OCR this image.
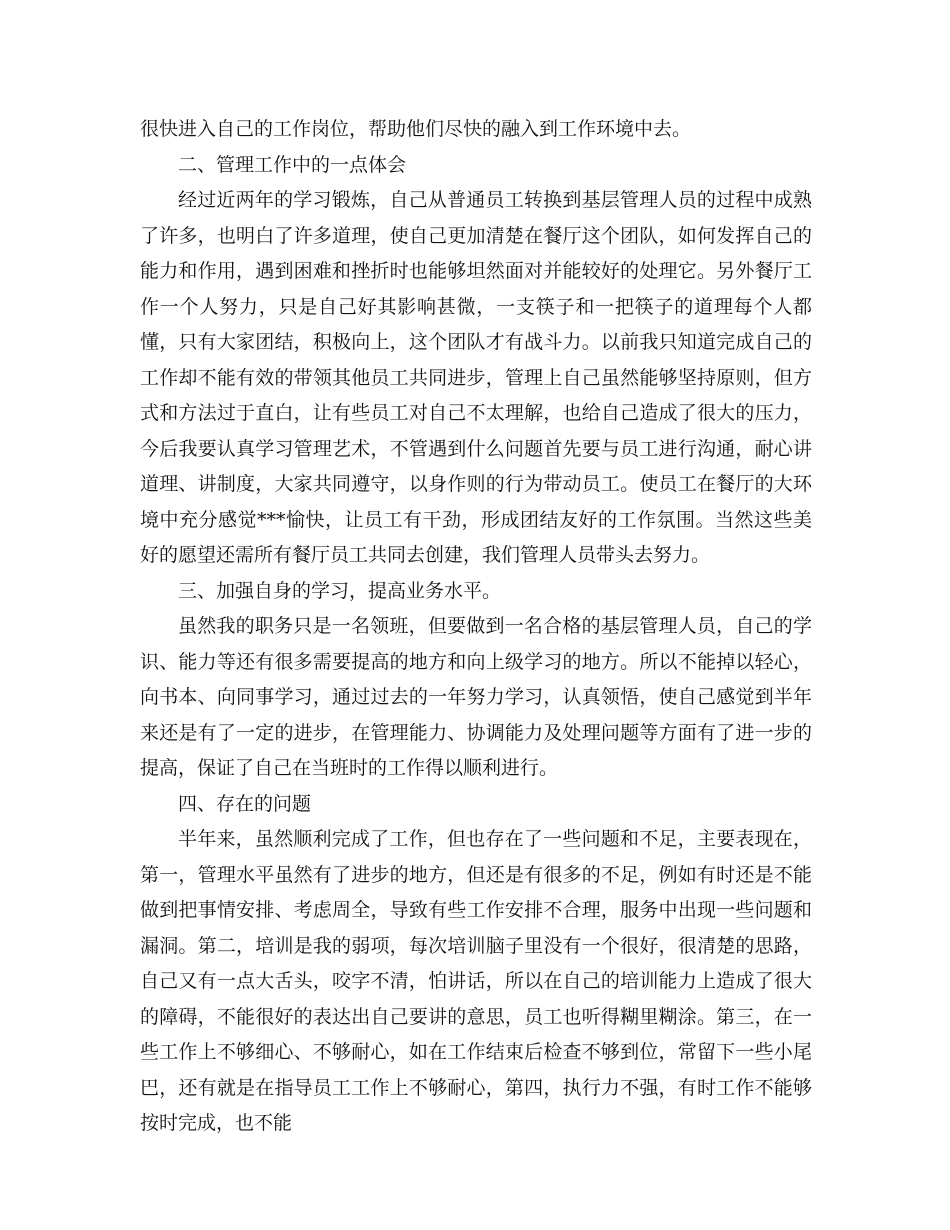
很快进入自己的工作岗位，帮助他们尽快的融入到工作环境中去。

二、管理工作中的一点体会

经过近两年的学习锻炼，自己从普通员工转换到基层管理人员的过程中成熟了许多，也明白了许多道理，使自己更加清楚在餐厅这个团队，如何发挥自己的能力和作用，遇到困难和挫折时也能够坦然面对并能较好的处理它。另外餐厅工作一个人努力，只是自己好其影响甚微，一支筷子和一把筷子的道理每个人都懂，只有大家团结，积极向上，这个团队才有战斗力。以前我只知道完成自己的工作却不能有效的带领其他员工共同进步，管理上自己虽然能够坚持原则，但方式和方法过于直白，让有些员工对自己不太理解，也给自己造成了很大的压力，今后我要认真学习管理艺术，不管遇到什么问题首先要与员工进行沟通，耐心讲道理、讲制度，大家共同遵守，以身作则的行为带动员工。使员工在餐厅的大环境中充分感觉***愉快，让员工有干劲，形成团结友好的工作氛围。当然这些美好的愿望还需所有餐厅员工共同去创建，我们管理人员带头去努力。

三、加强自身的学习，提高业务水平。

虽然我的职务只是一名领班，但要做到一名合格的基层管理人员，自己的学识、能力等还有很多需要提高的地方和向上级学习的地方。所以不能掉以轻心，向书本、向同事学习，通过过去的一年努力学习，认真领悟，使自己感觉到半年来还是有了一定的进步，在管理能力、协调能力及处理问题等方面有了进一步的提高，保证了自己在当班时的工作得以顺利进行。

四、存在的问题

半年来，虽然顺利完成了工作，但也存在了一些问题和不足，主要表现在，第一，管理水平虽然有了进步的地方，但还是有很多的不足，例如有时还是不能做到把事情安排、考虑周全，导致有些工作安排不合理，服务中出现一些问题和漏洞。第二，培训是我的弱项，每次培训脑子里没有一个很好，很清楚的思路，自己又有一点大舌头，咬字不清，怕讲话，所以在自己的培训能力上造成了很大的障碍，不能很好的表达出自己要讲的意思，员工也听得糊里糊涂。第三，在一些工作上不够细心、不够耐心，如在工作结束后检查不够到位，常留下一些小尾巴，还有就是在指导员工工作上不够耐心，第四，执行力不强，有时工作不能够按时完成，也不能
